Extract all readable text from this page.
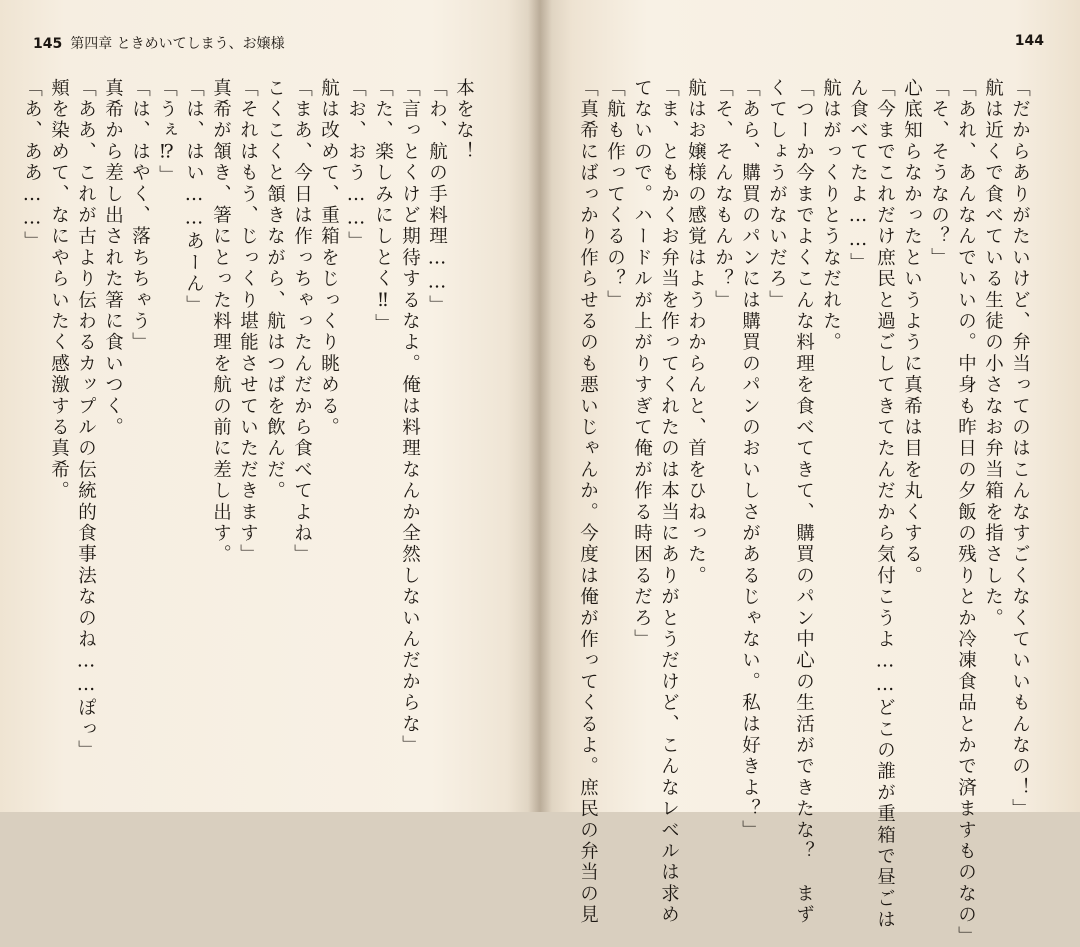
145 第四章 ときめいてしまう、お嬢様
本をな！
「わ、航の手料理……」
「言っとくけど期待するなよ。俺は料理なんか全然しないんだからな」
「た、楽しみにしとく‼」
「お、おう……」
航は改めて、重箱をじっくり眺める。
「まあ、今日は作っちゃったんだから食べてよね」
こくこくと頷きながら、航はつばを飲んだ。
「それはもう、じっくり堪能させていただきます」
真希が頷き、箸にとった料理を航の前に差し出す。
「は、はい……あーん」
「うぇ⁉」
「は、はやく、落ちちゃう」
真希から差し出された箸に食いつく。
「ああ、これが古より伝わるカップルの伝統的食事法なのね……ぽっ」
頬を染めて、なにやらいたく感激する真希。
「あ、ああ……」
144
「だからありがたいけど、弁当ってのはこんなすごくなくていいもんなの！」
航は近くで食べている生徒の小さなお弁当箱を指さした。
「あれ、あんなんでいいの。中身も昨日の夕飯の残りとか冷凍食品とかで済ますものなの」
「そ、そうなの？」
心底知らなかったというように真希は目を丸くする。
「今までこれだけ庶民と過ごしてきてたんだから気付こうよ……どこの誰が重箱で昼ごは
ん食べてたよ……」
航はがっくりとうなだれた。
「つーか今までよくこんな料理を食べてきて、購買のパン中心の生活ができたな？　まず
くてしょうがないだろ」
「あら、購買のパンには購買のパンのおいしさがあるじゃない。私は好きよ？」
「そ、そんなもんか？」
航はお嬢様の感覚はようわからんと、首をひねった。
「ま、ともかくお弁当を作ってくれたのは本当にありがとうだけど、こんなレベルは求め
てないので。ハードルが上がりすぎて俺が作る時困るだろ」
「航も作ってくるの？」
「真希にばっかり作らせるのも悪いじゃんか。今度は俺が作ってくるよ。庶民の弁当の見
